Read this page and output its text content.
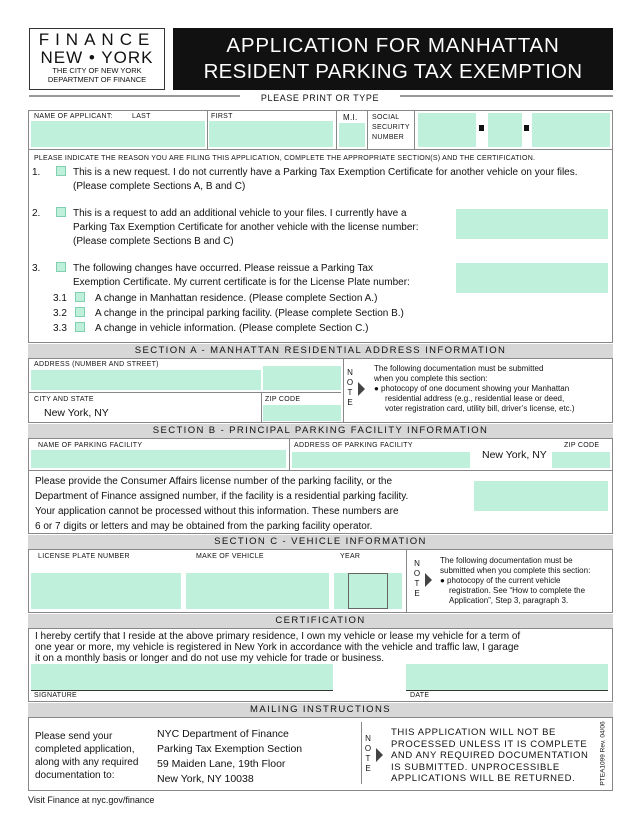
FINANCE
NEW • YORK
THE CITY OF NEW YORK
DEPARTMENT OF FINANCE
APPLICATION FOR MANHATTAN
RESIDENT PARKING TAX EXEMPTION
PLEASE PRINT OR TYPE
NAME OF APPLICANT:	LAST	FIRST	M.I. SOCIAL
SECURITY
NUMBER
PLEASE INDICATE THE REASON YOU ARE FILING THIS APPLICATION, COMPLETE THE APPROPRIATE SECTION(S) AND THE CERTIFICATION.
1.	This is a new request. I do not currently have a Parking Tax Exemption Certificate for another vehicle on your files.
(Please complete Sections A, B and C)
2.	This is a request to add an additional vehicle to your files. I currently have a
Parking Tax Exemption Certificate for another vehicle with the license number:
(Please complete Sections B and C)
3.	The following changes have occurred. Please reissue a Parking Tax
Exemption Certificate. My current certificate is for the License Plate number:
3.1	A change in Manhattan residence. (Please complete Section A.)
3.2	A change in the principal parking facility. (Please complete Section B.)
3.3	A change in vehicle information. (Please complete Section C.)
SECTION A - MANHATTAN RESIDENTIAL ADDRESS INFORMATION
ADDRESS (NUMBER AND STREET)
CITY AND STATE
New York, NY
ZIP CODE
N
O
T
E
The following documentation must be submitted
when you complete this section:
● photocopy of one document showing your Manhattan
residential address (e.g., residential lease or deed,
voter registration card, utility bill, driver’s license, etc.)
SECTION B - PRINCIPAL PARKING FACILITY INFORMATION
NAME OF PARKING FACILITY	ADDRESS OF PARKING FACILITY
New York, NY
ZIP CODE
Please provide the Consumer Affairs license number of the parking facility, or the
Department of Finance assigned number, if the facility is a residential parking facility.
Your application cannot be processed without this information. These numbers are
6 or 7 digits or letters and may be obtained from the parking facility operator.
SECTION C - VEHICLE INFORMATION
LICENSE PLATE NUMBER	MAKE OF VEHICLE	YEAR
N
O
T
E
The following documentation must be
submitted when you complete this section:
● photocopy of the current vehicle
registration. See “How to complete the
Application”, Step 3, paragraph 3.
CERTIFICATION
I hereby certify that I reside at the above primary residence, I own my vehicle or lease my vehicle for a term of
one year or more, my vehicle is registered in New York in accordance with the vehicle and traffic law, I garage
it on a monthly basis or longer and do not use my vehicle for trade or business.
SIGNATURE	DATE
MAILING INSTRUCTIONS
Please send your
completed application,
along with any required
documentation to:
NYC Department of Finance
Parking Tax Exemption Section
59 Maiden Lane, 19th Floor
New York, NY 10038
N
O
T
E
THIS APPLICATION WILL NOT BE
PROCESSED UNLESS IT IS COMPLETE
AND ANY REQUIRED DOCUMENTATION
IS SUBMITTED. UNPROCESSIBLE
APPLICATIONS WILL BE RETURNED.	PTEA1099 Rev. 04/06
Visit Finance at nyc.gov/finance
